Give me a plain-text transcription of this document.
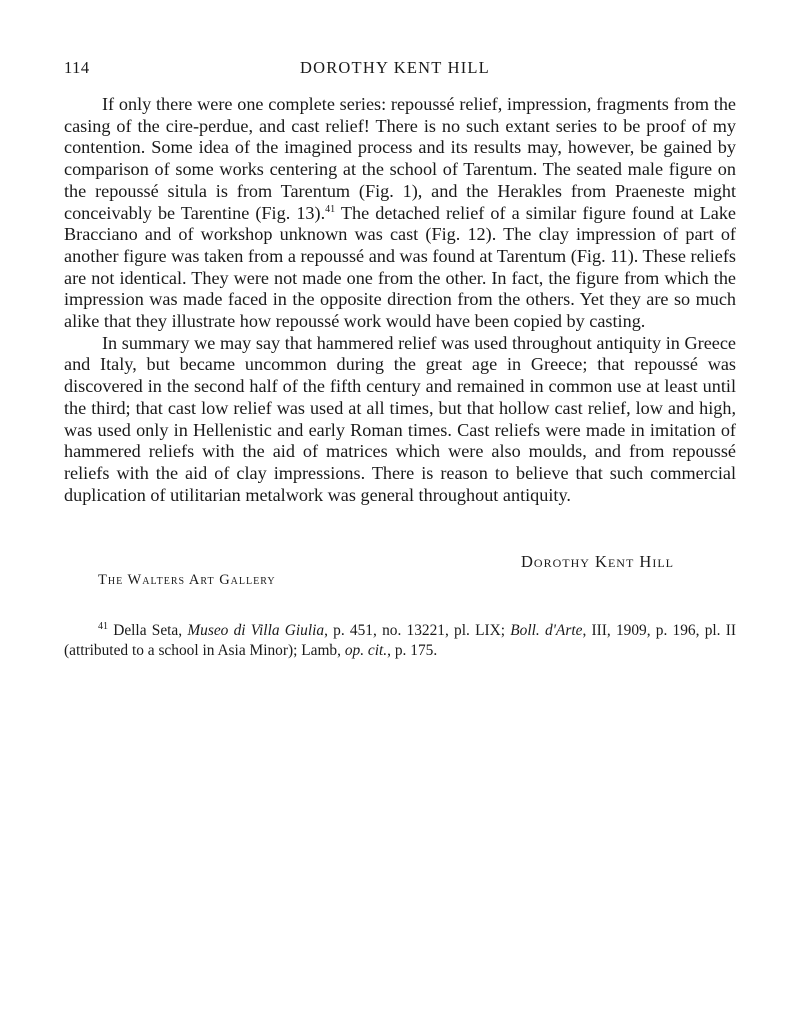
114	DOROTHY KENT HILL

If only there were one complete series: repoussé relief, impression, fragments from the casing of the cire-perdue, and cast relief! There is no such extant series to be proof of my contention. Some idea of the imagined process and its results may, however, be gained by comparison of some works centering at the school of Tarentum. The seated male figure on the repoussé situla is from Tarentum (Fig. 1), and the Herakles from Praeneste might conceivably be Tarentine (Fig. 13).$^{41}$ The detached relief of a similar figure found at Lake Bracciano and of workshop unknown was cast (Fig. 12). The clay impression of part of another figure was taken from a repoussé and was found at Tarentum (Fig. 11). These reliefs are not identical. They were not made one from the other. In fact, the figure from which the impression was made faced in the opposite direction from the others. Yet they are so much alike that they illustrate how repoussé work would have been copied by casting.

In summary we may say that hammered relief was used throughout antiquity in Greece and Italy, but became uncommon during the great age in Greece; that repoussé was discovered in the second half of the fifth century and remained in common use at least until the third; that cast low relief was used at all times, but that hollow cast relief, low and high, was used only in Hellenistic and early Roman times. Cast reliefs were made in imitation of hammered reliefs with the aid of matrices which were also moulds, and from repoussé reliefs with the aid of clay impressions. There is reason to believe that such commercial duplication of utilitarian metalwork was general throughout antiquity.

Dorothy Kent Hill
The Walters Art Gallery
$^{41}$ Della Seta, Museo di Villa Giulia, p. 451, no. 13221, pl. LIX; Boll. d'Arte, III, 1909, p. 196, pl. II (attributed to a school in Asia Minor); Lamb, op. cit., p. 175.
